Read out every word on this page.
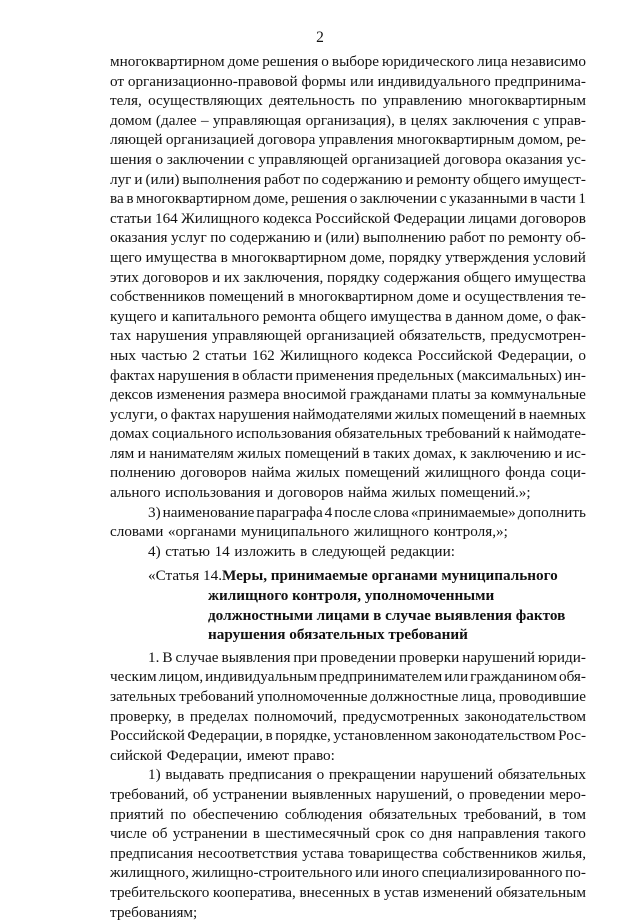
2
многоквартирном доме решения о выборе юридического лица независимо
от организационно-правовой формы или индивидуального предпринима-
теля, осуществляющих деятельность по управлению многоквартирным
домом (далее – управляющая организация), в целях заключения с управ-
ляющей организацией договора управления многоквартирным домом, ре-
шения о заключении с управляющей организацией договора оказания ус-
луг и (или) выполнения работ по содержанию и ремонту общего имущест-
ва в многоквартирном доме, решения о заключении с указанными в части 1
статьи 164 Жилищного кодекса Российской Федерации лицами договоров
оказания услуг по содержанию и (или) выполнению работ по ремонту об-
щего имущества в многоквартирном доме, порядку утверждения условий
этих договоров и их заключения, порядку содержания общего имущества
собственников помещений в многоквартирном доме и осуществления те-
кущего и капитального ремонта общего имущества в данном доме, о фак-
тах нарушения управляющей организацией обязательств, предусмотрен-
ных частью 2 статьи 162 Жилищного кодекса Российской Федерации, о
фактах нарушения в области применения предельных (максимальных) ин-
дексов изменения размера вносимой гражданами платы за коммунальные
услуги, о фактах нарушения наймодателями жилых помещений в наемных
домах социального использования обязательных требований к наймодате-
лям и нанимателям жилых помещений в таких домах, к заключению и ис-
полнению договоров найма жилых помещений жилищного фонда соци-
ального использования и договоров найма жилых помещений.»;
3) наименование параграфа 4 после слова «принимаемые» дополнить
словами «органами муниципального жилищного контроля,»;
4) статью 14 изложить в следующей редакции:
«Статья 14.Меры, принимаемые органами муниципального
жилищного контроля, уполномоченными
должностными лицами в случае выявления фактов
нарушения обязательных требований
1. В случае выявления при проведении проверки нарушений юриди-
ческим лицом, индивидуальным предпринимателем или гражданином обя-
зательных требований уполномоченные должностные лица, проводившие
проверку, в пределах полномочий, предусмотренных законодательством
Российской Федерации, в порядке, установленном законодательством Рос-
сийской Федерации, имеют право:
1) выдавать предписания о прекращении нарушений обязательных
требований, об устранении выявленных нарушений, о проведении меро-
приятий по обеспечению соблюдения обязательных требований, в том
числе об устранении в шестимесячный срок со дня направления такого
предписания несоответствия устава товарищества собственников жилья,
жилищного, жилищно-строительного или иного специализированного по-
требительского кооператива, внесенных в устав изменений обязательным
требованиям;
